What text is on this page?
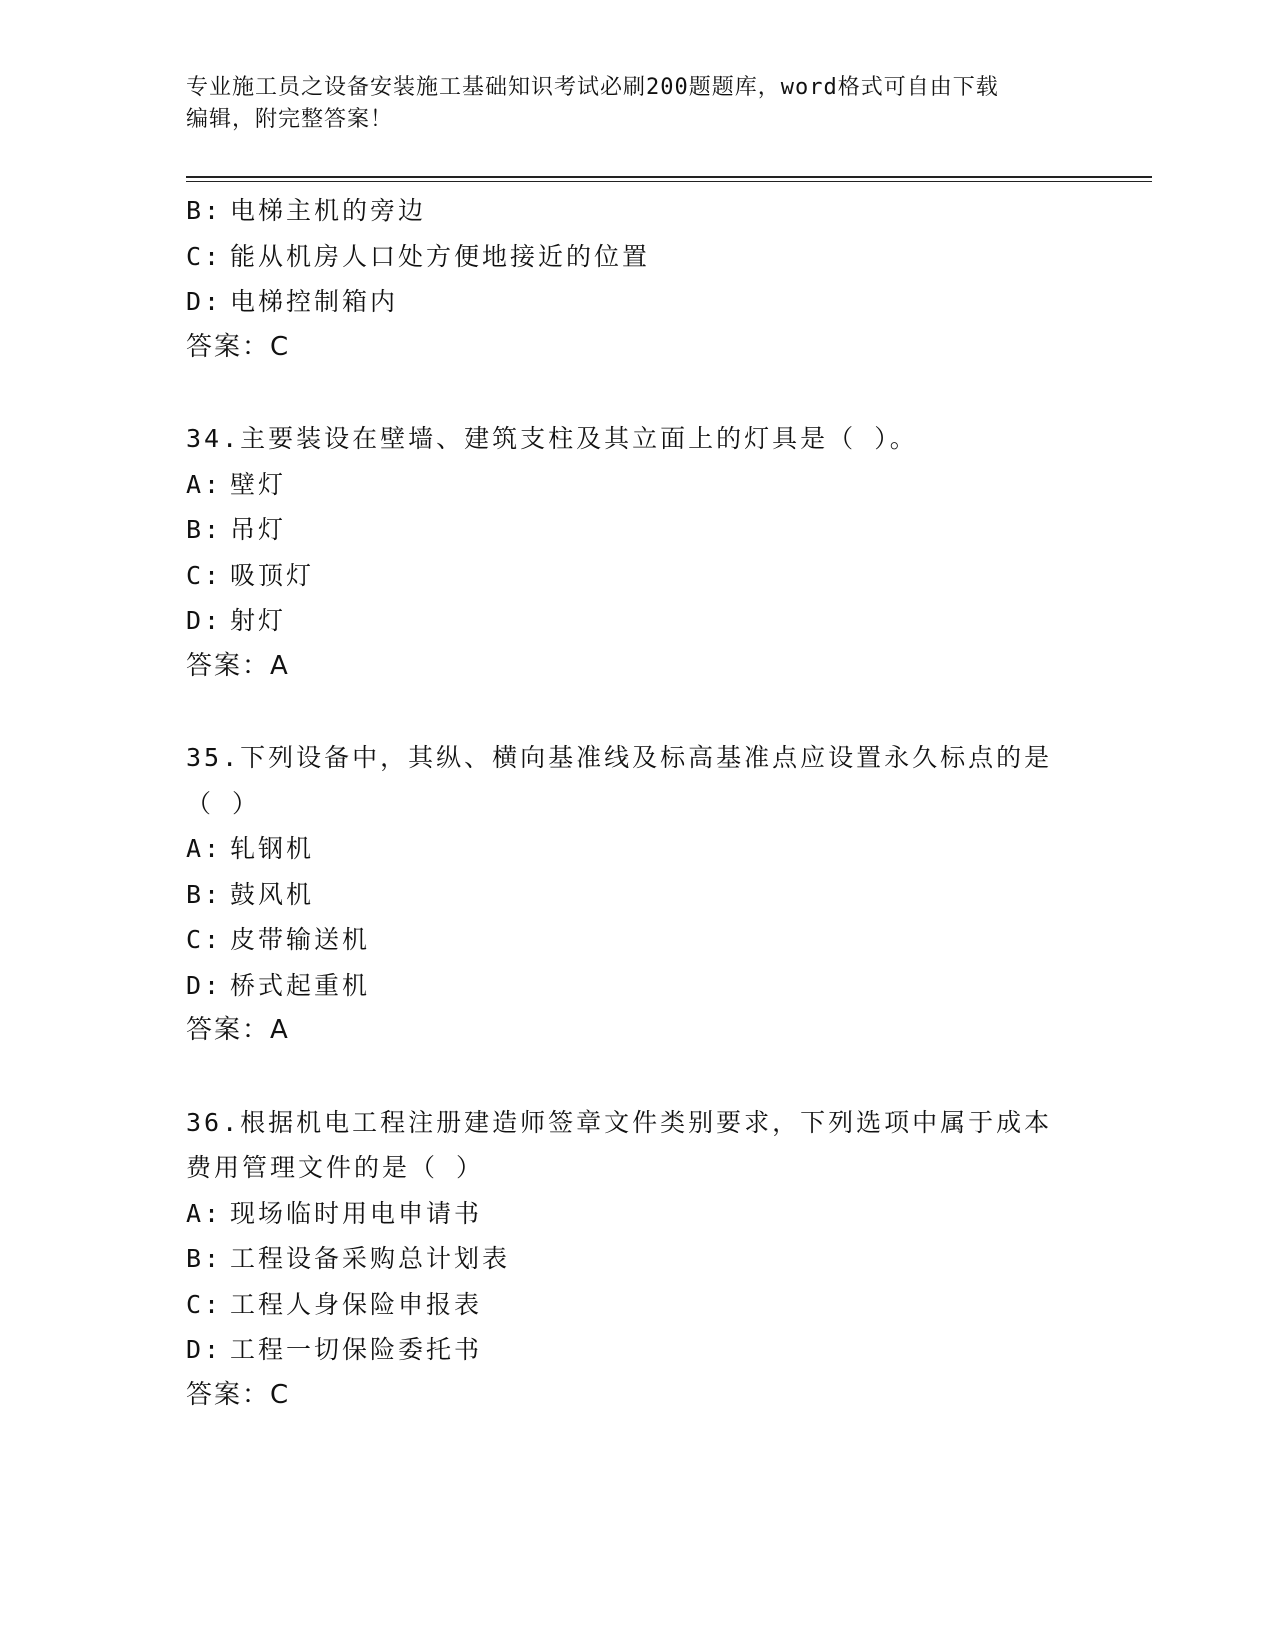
专业施工员之设备安装施工基础知识考试必刷200题题库，word格式可自由下载
编辑，附完整答案！
B: 电梯主机的旁边
C: 能从机房人口处方便地接近的位置
D: 电梯控制箱内
答案：C
34.主要装设在壁墙、建筑支柱及其立面上的灯具是（ ）。
A: 壁灯
B: 吊灯
C: 吸顶灯
D: 射灯
答案：A
35.下列设备中，其纵、横向基准线及标高基准点应设置永久标点的是
（ ）
A: 轧钢机
B: 鼓风机
C: 皮带输送机
D: 桥式起重机
答案：A
36.根据机电工程注册建造师签章文件类别要求，下列选项中属于成本
费用管理文件的是（ ）
A: 现场临时用电申请书
B: 工程设备采购总计划表
C: 工程人身保险申报表
D: 工程一切保险委托书
答案：C
